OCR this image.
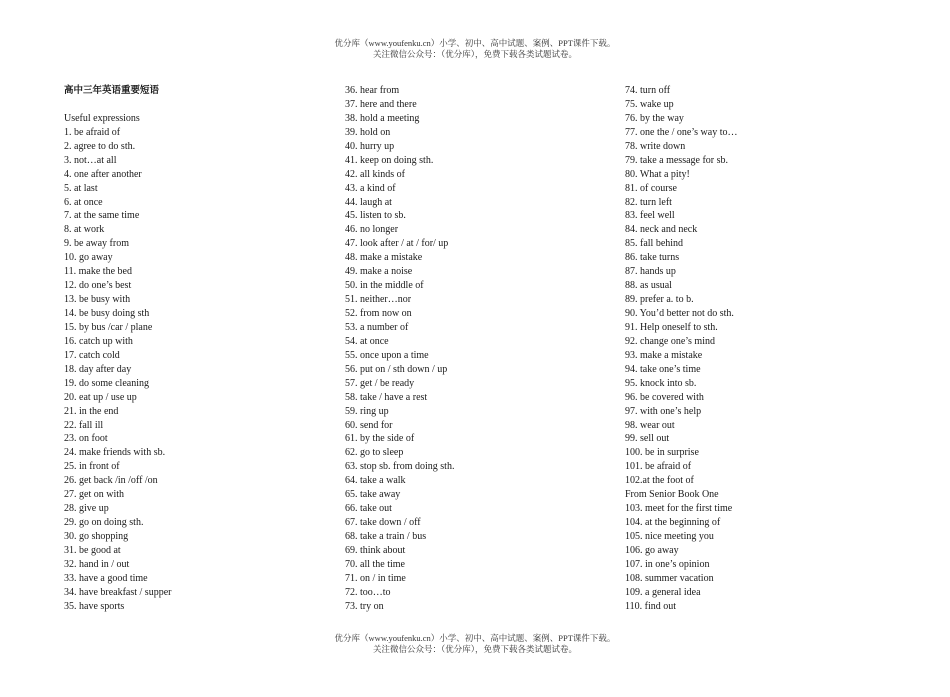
优分库（www.youfenku.cn）小学、初中、高中试题、案例、PPT课件下载。
关注微信公众号：（优分库），免费下载各类试题试卷。
高中三年英语重要短语
Useful expressions
1. be afraid of
2. agree to do sth.
3. not…at all
4. one after another
5. at last
6. at once
7. at the same time
8. at work
9. be away from
10. go away
11. make the bed
12. do one’s best
13. be busy with
14. be busy doing sth
15. by bus /car / plane
16. catch up with
17. catch cold
18. day after day
19. do some cleaning
20. eat up / use up
21. in the end
22. fall ill
23. on foot
24. make friends with sb.
25. in front of
26. get back /in /off /on
27. get on with
28. give up
29. go on doing sth.
30. go shopping
31. be good at
32. hand in / out
33. have a good time
34. have breakfast / supper
35. have sports
36. hear from
37. here and there
38. hold a meeting
39. hold on
40. hurry up
41. keep on doing sth.
42. all kinds of
43. a kind of
44. laugh at
45. listen to sb.
46. no longer
47. look after / at / for/ up
48. make a mistake
49. make a noise
50. in the middle of
51. neither…nor
52. from now on
53. a number of
54. at once
55. once upon a time
56. put on / sth down / up
57. get / be ready
58. take / have a rest
59. ring up
60. send for
61. by the side of
62. go to sleep
63. stop sb. from doing sth.
64. take a walk
65. take away
66. take out
67. take down / off
68. take a train / bus
69. think about
70. all the time
71. on / in time
72. too…to
73. try on
74. turn off
75. wake up
76. by the way
77. one the / one’s way to…
78. write down
79. take a message for sb.
80. What a pity!
81. of course
82. turn left
83. feel well
84. neck and neck
85. fall behind
86. take turns
87. hands up
88. as usual
89. prefer a. to b.
90. You’d better not do sth.
91. Help oneself to sth.
92. change one’s mind
93. make a mistake
94. take one’s time
95. knock into sb.
96. be covered with
97. with one’s help
98. wear out
99. sell out
100. be in surprise
101. be afraid of
102.at the foot of
From Senior Book One
103. meet for the first time
104. at the beginning of
105. nice meeting you
106. go away
107. in one’s opinion
108. summer vacation
109. a general idea
110. find out
优分库（www.youfenku.cn）小学、初中、高中试题、案例、PPT课件下载。
关注微信公众号：（优分库），免费下载各类试题试卷。
